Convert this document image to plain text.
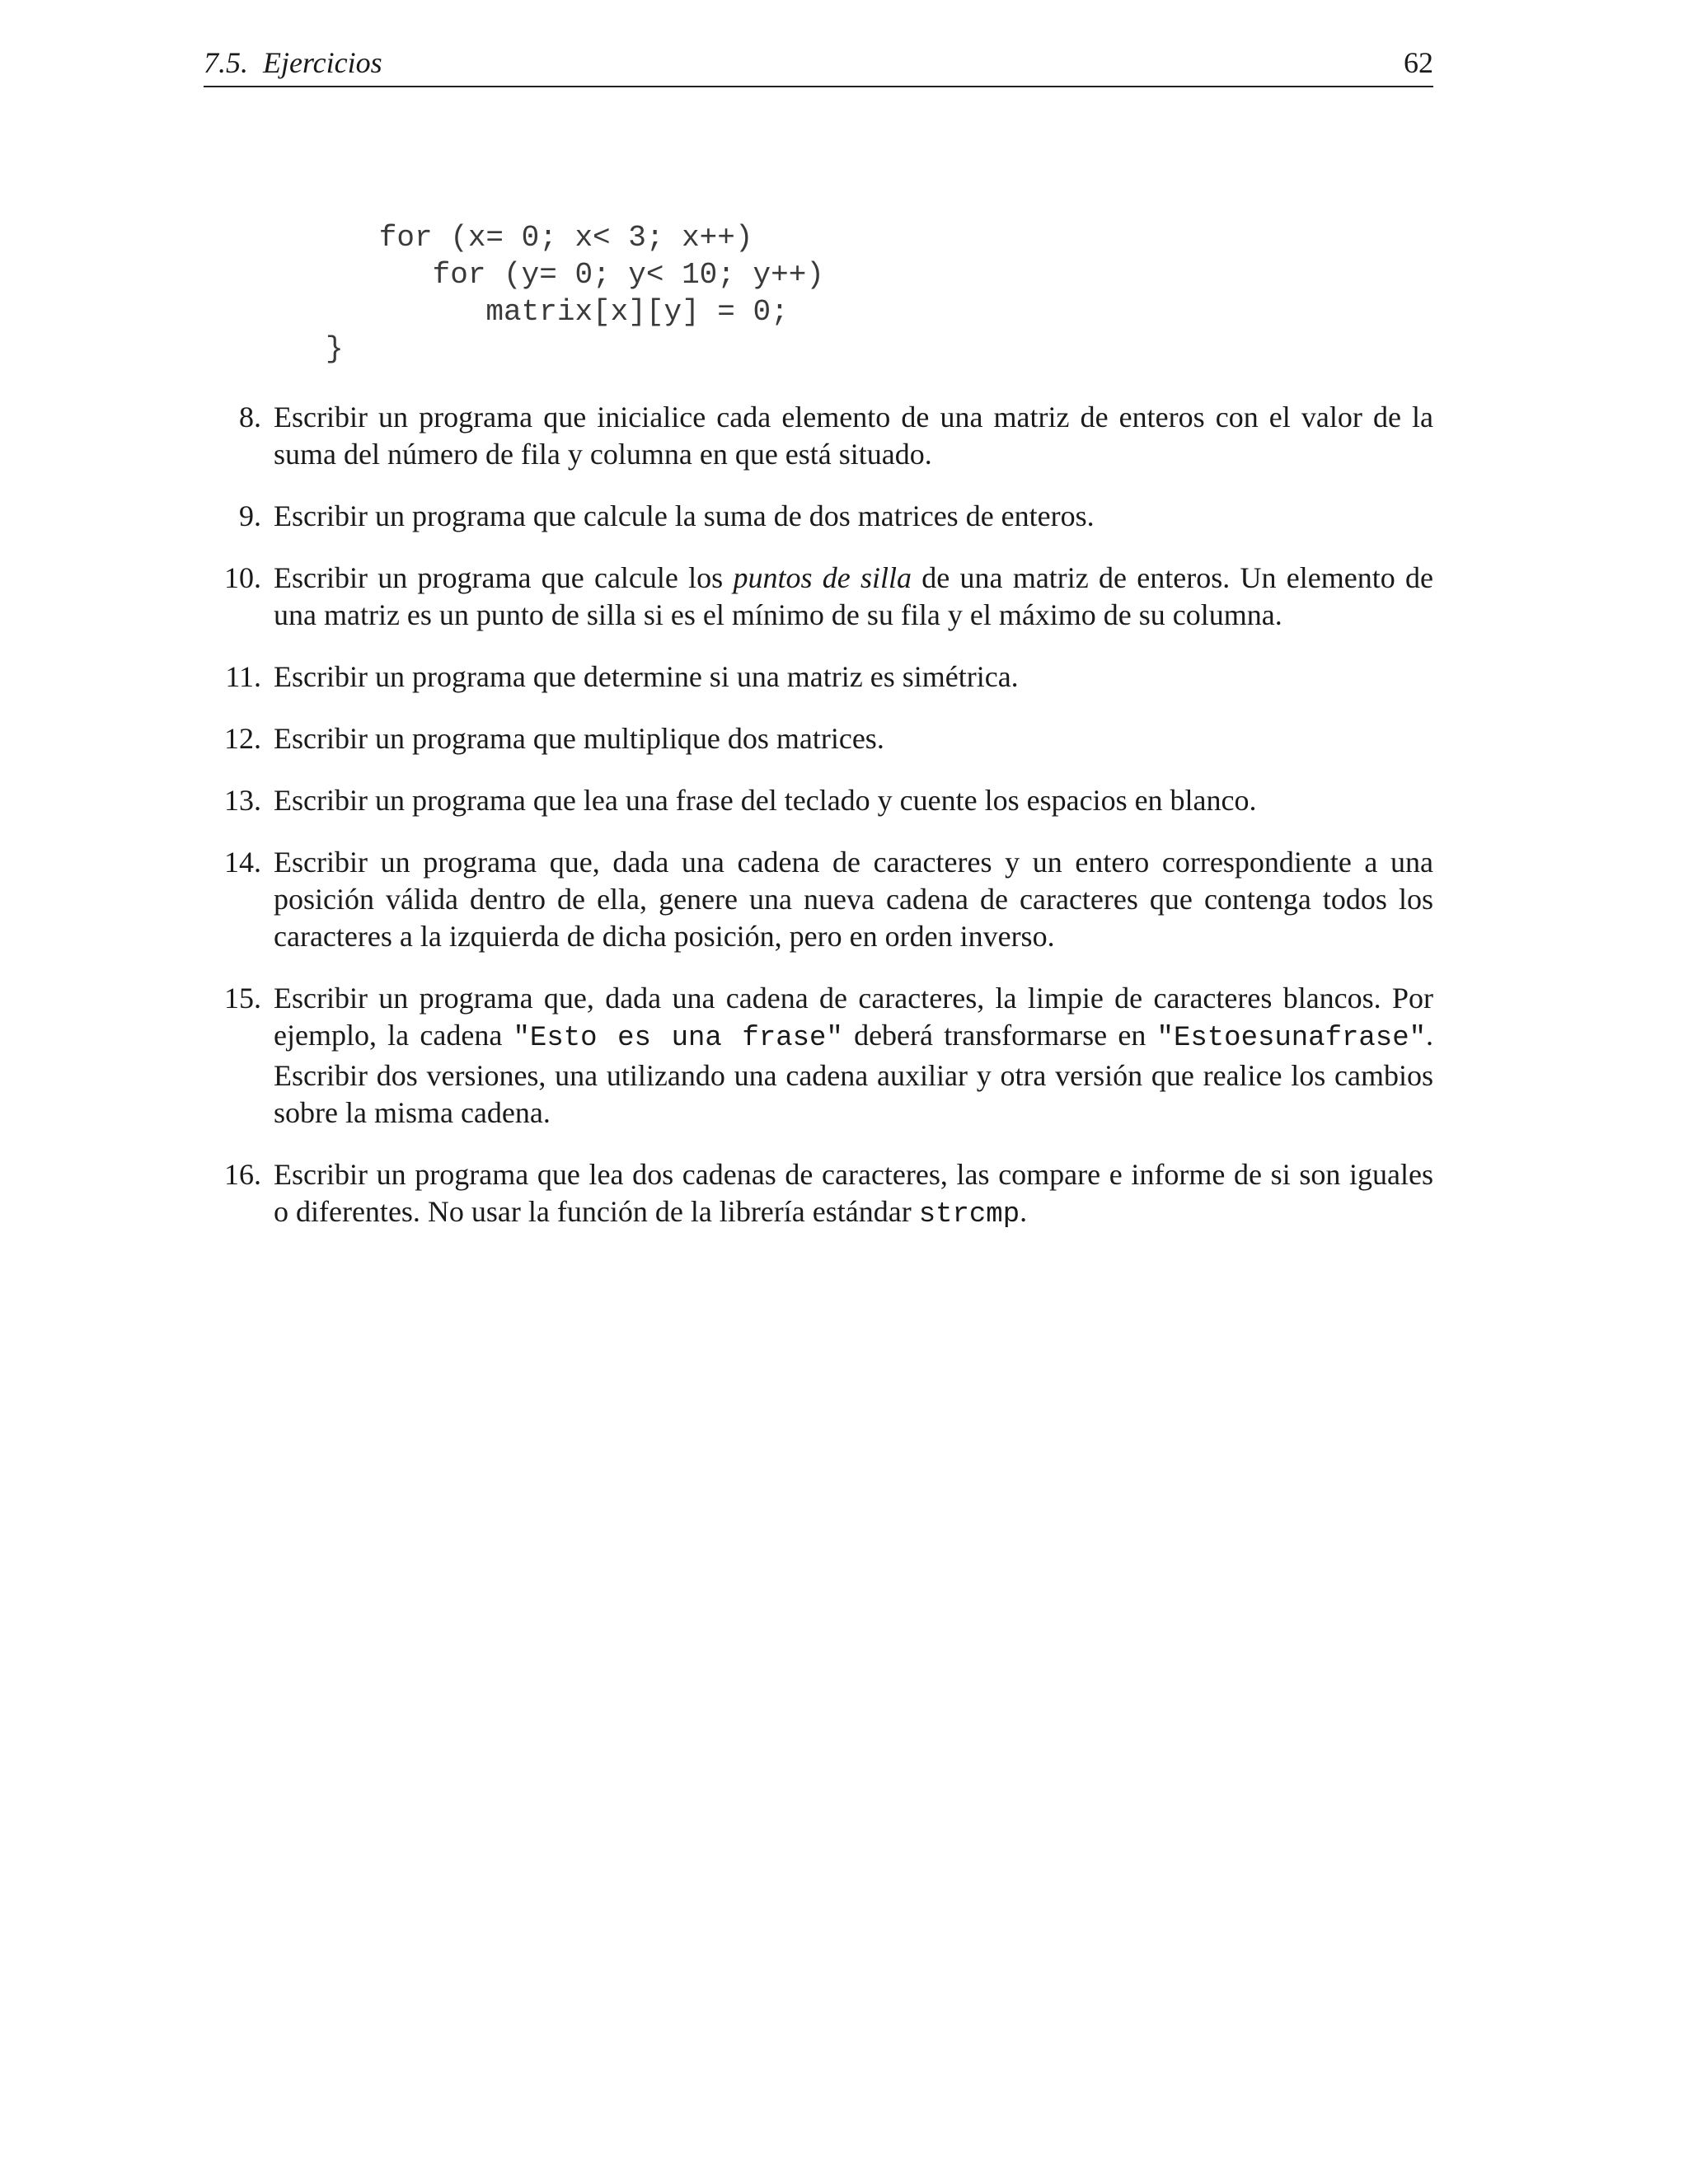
7.5.  Ejercicios	62
for (x= 0; x< 3; x++)
for (y= 0; y< 10; y++)
matrix[x][y] = 0;
}
8. Escribir un programa que inicialice cada elemento de una matriz de enteros con el valor de la suma del número de fila y columna en que está situado.
9. Escribir un programa que calcule la suma de dos matrices de enteros.
10. Escribir un programa que calcule los puntos de silla de una matriz de enteros. Un elemento de una matriz es un punto de silla si es el mínimo de su fila y el máximo de su columna.
11. Escribir un programa que determine si una matriz es simétrica.
12. Escribir un programa que multiplique dos matrices.
13. Escribir un programa que lea una frase del teclado y cuente los espacios en blanco.
14. Escribir un programa que, dada una cadena de caracteres y un entero correspondiente a una posición válida dentro de ella, genere una nueva cadena de caracteres que contenga todos los caracteres a la izquierda de dicha posición, pero en orden inverso.
15. Escribir un programa que, dada una cadena de caracteres, la limpie de caracteres blancos. Por ejemplo, la cadena "Esto es una frase" deberá transformarse en "Estoesunafrase". Escribir dos versiones, una utilizando una cadena auxiliar y otra versión que realice los cambios sobre la misma cadena.
16. Escribir un programa que lea dos cadenas de caracteres, las compare e informe de si son iguales o diferentes. No usar la función de la librería estándar strcmp.
